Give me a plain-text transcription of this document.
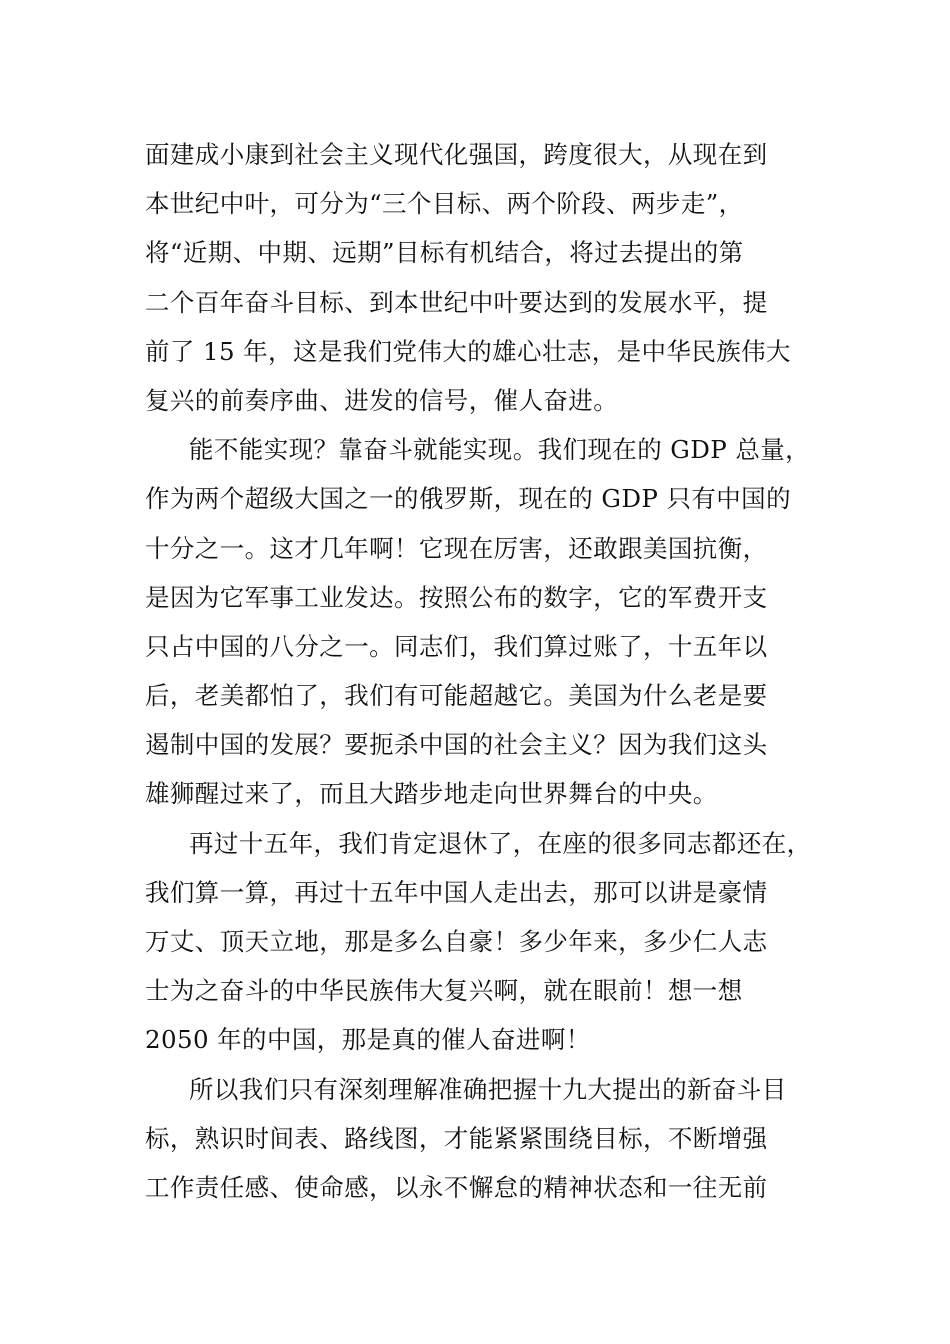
面建成小康到社会主义现代化强国，跨度很大，从现在到
本世纪中叶，可分为“三个目标、两个阶段、两步走”，
将“近期、中期、远期”目标有机结合，将过去提出的第
二个百年奋斗目标、到本世纪中叶要达到的发展水平，提
前了 15 年，这是我们党伟大的雄心壮志，是中华民族伟大
复兴的前奏序曲、进发的信号，催人奋进。
能不能实现？靠奋斗就能实现。我们现在的 GDP 总量，
作为两个超级大国之一的俄罗斯，现在的 GDP 只有中国的
十分之一。这才几年啊！它现在厉害，还敢跟美国抗衡，
是因为它军事工业发达。按照公布的数字，它的军费开支
只占中国的八分之一。同志们，我们算过账了，十五年以
后，老美都怕了，我们有可能超越它。美国为什么老是要
遏制中国的发展？要扼杀中国的社会主义？因为我们这头
雄狮醒过来了，而且大踏步地走向世界舞台的中央。
再过十五年，我们肯定退休了，在座的很多同志都还在，
我们算一算，再过十五年中国人走出去，那可以讲是豪情
万丈、顶天立地，那是多么自豪！多少年来，多少仁人志
士为之奋斗的中华民族伟大复兴啊，就在眼前！想一想
2050 年的中国，那是真的催人奋进啊！
所以我们只有深刻理解准确把握十九大提出的新奋斗目
标，熟识时间表、路线图，才能紧紧围绕目标，不断增强
工作责任感、使命感，以永不懈怠的精神状态和一往无前
